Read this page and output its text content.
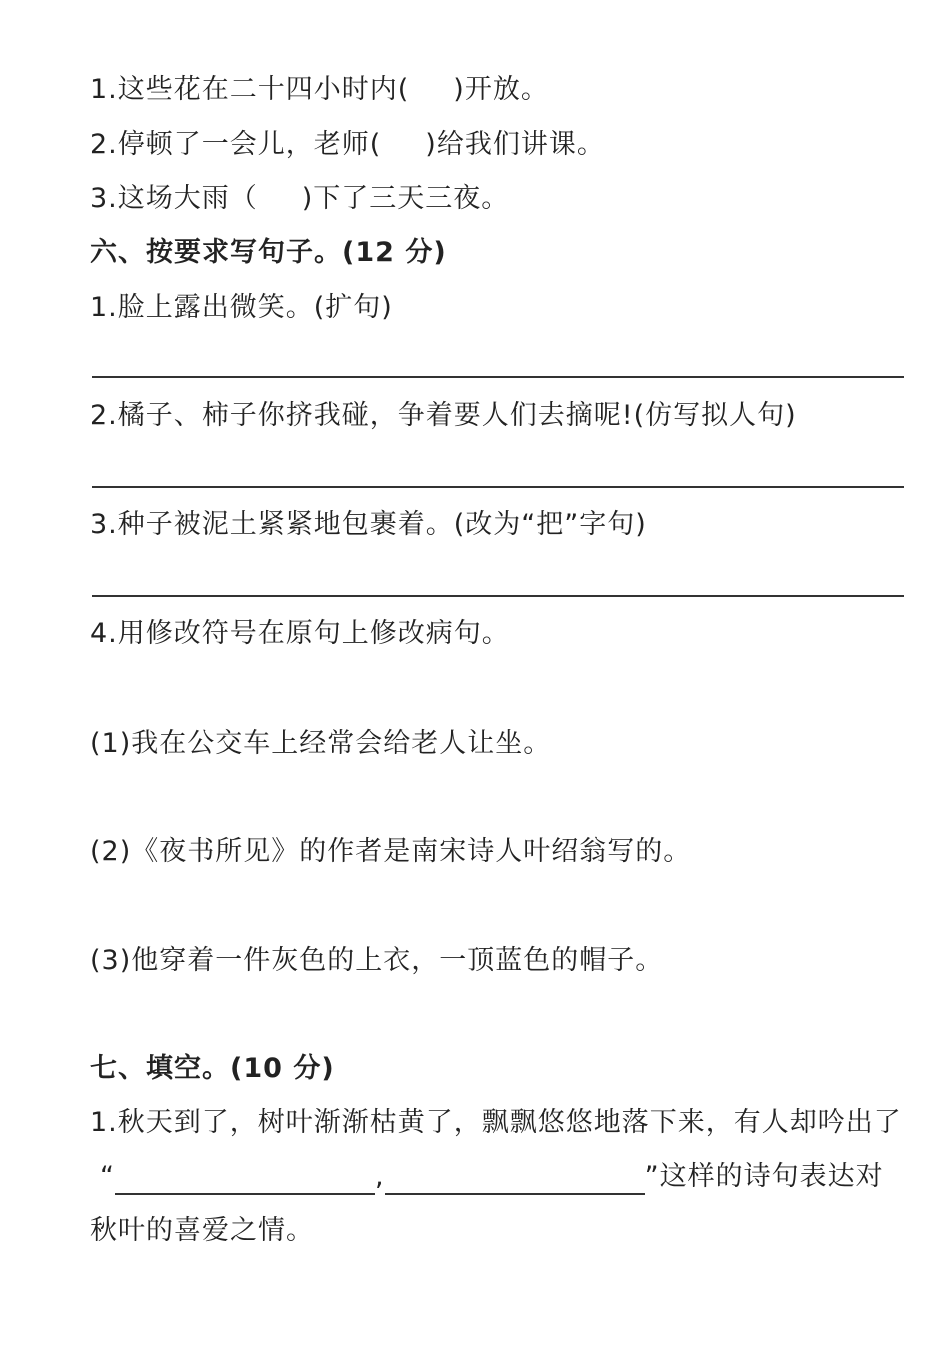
1.这些花在二十四小时内( )开放。
2.停顿了一会儿，老师( )给我们讲课。
3.这场大雨（ )下了三天三夜。
六、按要求写句子。(12 分)
1.脸上露出微笑。(扩句)
2.橘子、柿子你挤我碰，争着要人们去摘呢!(仿写拟人句)
3.种子被泥土紧紧地包裹着。(改为“把”字句)
4.用修改符号在原句上修改病句。
(1)我在公交车上经常会给老人让坐。
(2)《夜书所见》的作者是南宋诗人叶绍翁写的。
(3)他穿着一件灰色的上衣，一顶蓝色的帽子。
七、填空。(10 分)
1.秋天到了，树叶渐渐枯黄了，飘飘悠悠地落下来，有人却吟出了
“	,	”这样的诗句表达对
秋叶的喜爱之情。
